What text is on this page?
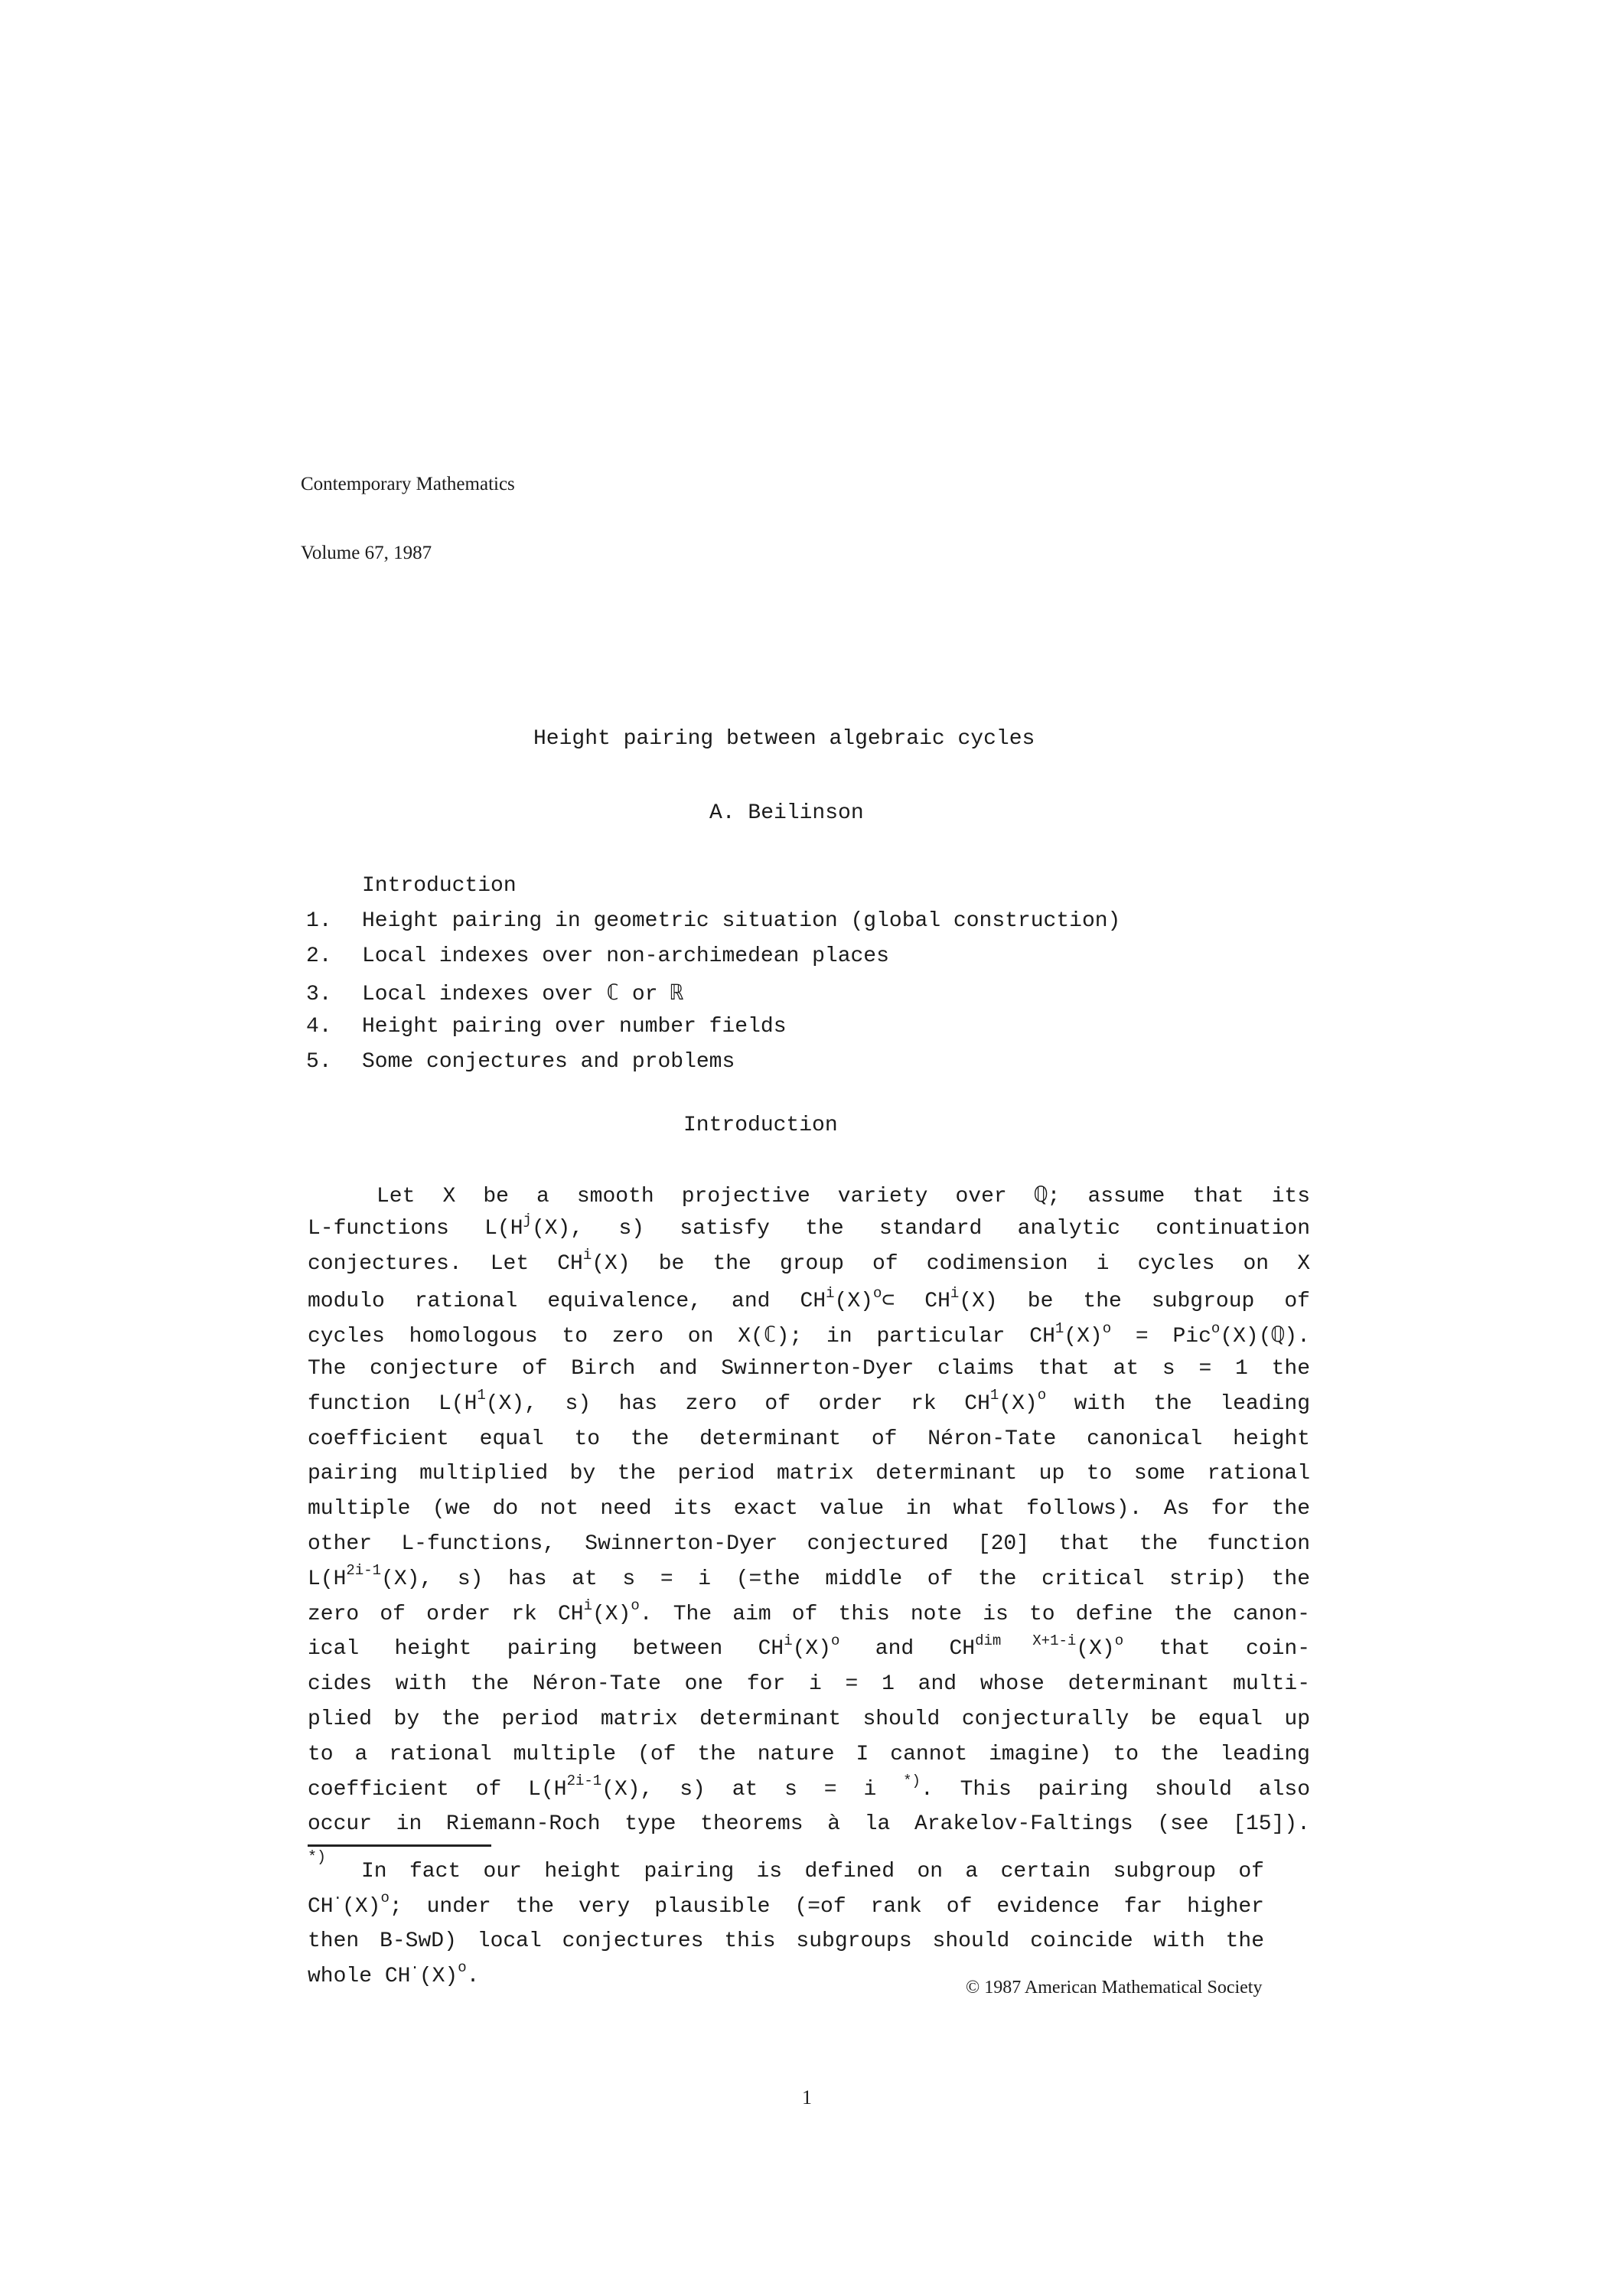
Contemporary Mathematics

Volume 67, 1987

Height pairing between algebraic cycles
A. Beilinson
Introduction
1.	Height pairing in geometric situation (global construction)
2.	Local indexes over non-archimedean places
3.	Local indexes over ℂ or ℝ
4.	Height pairing over number fields
5.	Some conjectures and problems
Introduction
Let X be a smooth projective variety over ℚ; assume that its
L-functions $L(H^j(X)$, s) satisfy the standard analytic continuation
conjectures. Let $CH^i(X)$ be the group of codimension i cycles on X
modulo rational equivalence, and $CH^i(X)^o\subset$ $CH^i(X)$ be the subgroup of
cycles homologous to zero on X(ℂ); in particular $CH^1(X)^o$ = Pic$^o$(X)(ℚ).
The conjecture of Birch and Swinnerton-Dyer claims that at s = 1 the
function $L(H^1(X)$, s) has zero of order rk $CH^1(X)^o$ with the leading
coefficient equal to the determinant of Néron-Tate canonical height
pairing multiplied by the period matrix determinant up to some rational
multiple (we do not need its exact value in what follows). As for the
other L-functions, Swinnerton-Dyer conjectured [20] that the function
$L(H^{2i-1}(X)$, s) has at s = i (=the middle of the critical strip) the
zero of order rk $CH^i(X)^o$. The aim of this note is to define the canon-
ical height pairing between $CH^i(X)^o$ and $CH^{dim X+1-i}(X)^o$ that coin-
cides with the Néron-Tate one for i = 1 and whose determinant multi-
plied by the period matrix determinant should conjecturally be equal up
to a rational multiple (of the nature I cannot imagine) to the leading
coefficient of $L(H^{2i-1}(X)$, s) at s = i *). This pairing should also
occur in Riemann-Roch type theorems à la Arakelov-Faltings (see [15]).
*)
In fact our height pairing is defined on a certain subgroup of
$CH^\cdot(X)^o$; under the very plausible (=of rank of evidence far higher
then B-SwD) local conjectures this subgroups should coincide with the
whole $CH^\cdot(X)^o$.	© 1987 American Mathematical Society
1
